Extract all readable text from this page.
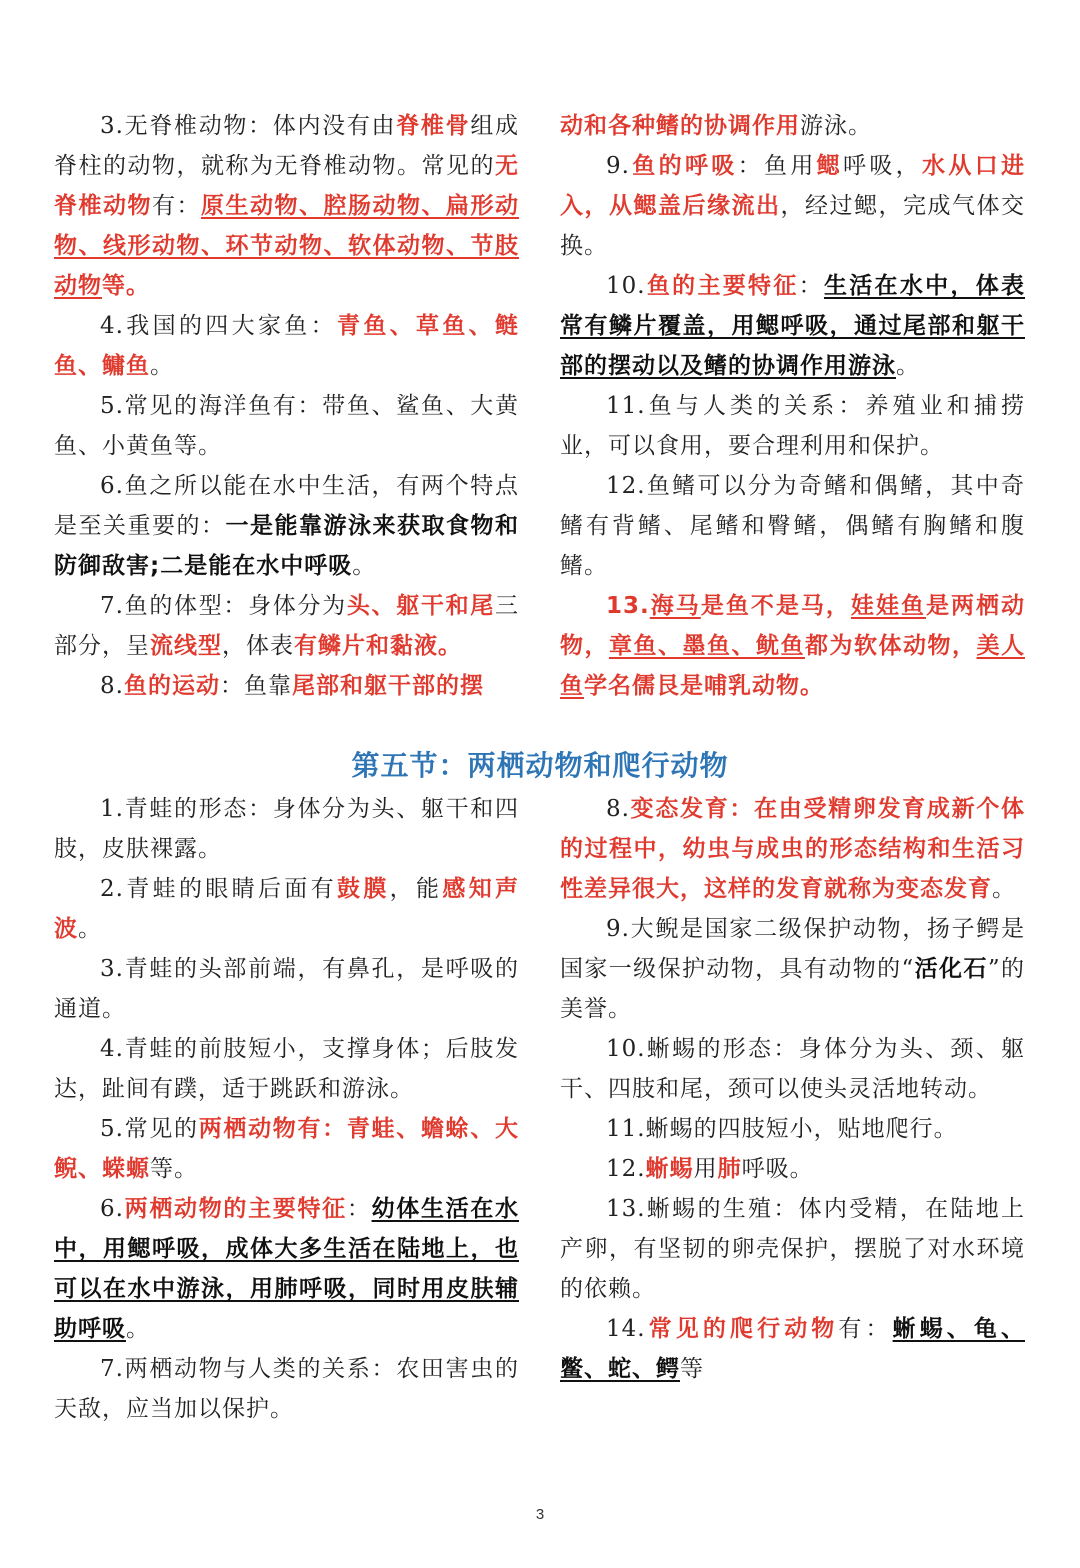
3.无脊椎动物：体内没有由脊椎骨组成脊柱的动物，就称为无脊椎动物。常见的无脊椎动物有：原生动物、腔肠动物、扁形动物、线形动物、环节动物、软体动物、节肢动物等。

4.我国的四大家鱼：青鱼、草鱼、鲢鱼、鳙鱼。

5.常见的海洋鱼有：带鱼、鲨鱼、大黄鱼、小黄鱼等。

6.鱼之所以能在水中生活，有两个特点是至关重要的：一是能靠游泳来获取食物和防御敌害;二是能在水中呼吸。

7.鱼的体型：身体分为头、躯干和尾三部分，呈流线型，体表有鳞片和黏液。

8.鱼的运动：鱼靠尾部和躯干部的摆

动和各种鳍的协调作用游泳。

9.鱼的呼吸：鱼用鳃呼吸，水从口进入，从鳃盖后缘流出，经过鳃，完成气体交换。

10.鱼的主要特征：生活在水中，体表常有鳞片覆盖，用鳃呼吸，通过尾部和躯干部的摆动以及鳍的协调作用游泳。

11.鱼与人类的关系：养殖业和捕捞业，可以食用，要合理利用和保护。

12.鱼鳍可以分为奇鳍和偶鳍，其中奇鳍有背鳍、尾鳍和臀鳍，偶鳍有胸鳍和腹鳍。

13.海马是鱼不是马，娃娃鱼是两栖动物，章鱼、墨鱼、鱿鱼都为软体动物，美人鱼学名儒艮是哺乳动物。

第五节：两栖动物和爬行动物

1.青蛙的形态：身体分为头、躯干和四肢，皮肤裸露。

2.青蛙的眼睛后面有鼓膜，能感知声波。

3.青蛙的头部前端，有鼻孔，是呼吸的通道。

4.青蛙的前肢短小，支撑身体；后肢发达，趾间有蹼，适于跳跃和游泳。

5.常见的两栖动物有：青蛙、蟾蜍、大鲵、蝾螈等。

6.两栖动物的主要特征：幼体生活在水中，用鳃呼吸，成体大多生活在陆地上，也可以在水中游泳，用肺呼吸，同时用皮肤辅助呼吸。

7.两栖动物与人类的关系：农田害虫的天敌，应当加以保护。

8.变态发育：在由受精卵发育成新个体的过程中，幼虫与成虫的形态结构和生活习性差异很大，这样的发育就称为变态发育。

9.大鲵是国家二级保护动物，扬子鳄是国家一级保护动物，具有动物的“活化石”的美誉。

10.蜥蜴的形态：身体分为头、颈、躯干、四肢和尾，颈可以使头灵活地转动。

11.蜥蜴的四肢短小，贴地爬行。

12.蜥蜴用肺呼吸。

13.蜥蜴的生殖：体内受精，在陆地上产卵，有坚韧的卵壳保护，摆脱了对水环境的依赖。

14.常见的爬行动物有：蜥蜴、龟、鳖、蛇、鳄等

3
